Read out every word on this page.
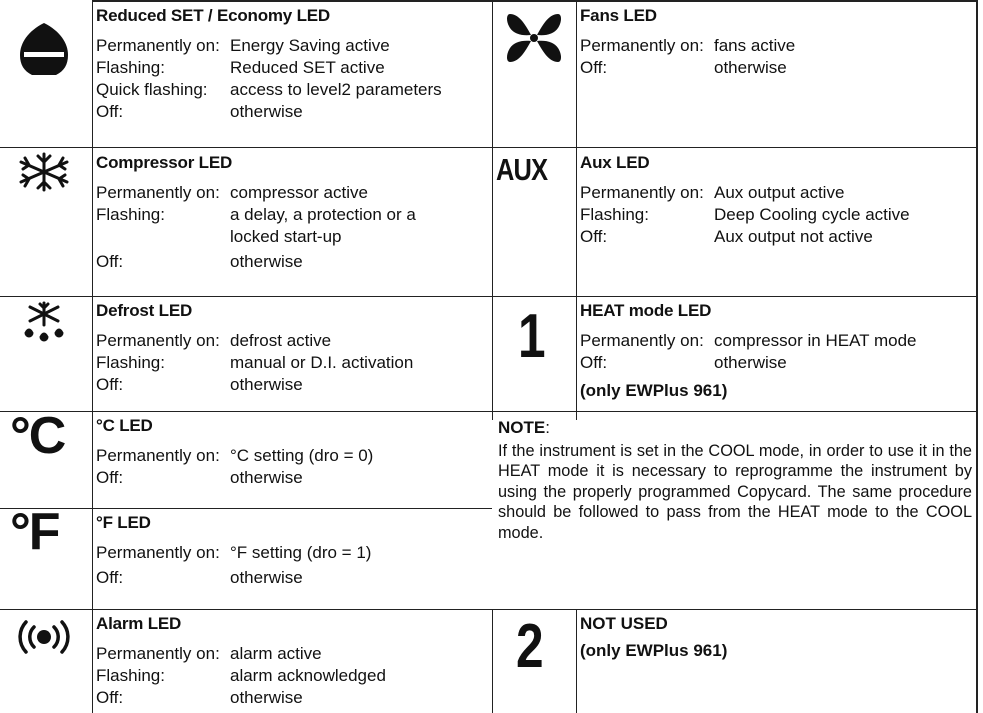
Reduced SET / Economy LED
Permanently on: Energy Saving active
Flashing:	Reduced SET active
Quick flashing: access to level2 parameters
Off:	otherwise
Compressor LED
Permanently on: compressor active
Flashing:	a delay, a protection or a
locked start-up
Off:	otherwise
Defrost LED
Permanently on: defrost active
Flashing:	manual or D.I. activation
Off:	otherwise
°C °C LED
Permanently on: °C setting (dro = 0)
Off:	otherwise
°F °F LED
Permanently on: °F setting (dro = 1)
Off:	otherwise
Alarm LED
Permanently on: alarm active
Flashing:	alarm acknowledged
Off:	otherwise
Fans LED
Permanently on: fans active
Off:	otherwise
AUX Aux LED
Permanently on: Aux output active
Flashing:	Deep Cooling cycle active
Off:	Aux output not active
1 HEAT mode LED
Permanently on: compressor in HEAT mode
Off:	otherwise
(only EWPlus 961)
NOTE:
If the instrument is set in the COOL mode, in order to use it in the HEAT mode it is necessary to reprogramme the instrument by using the properly programmed Copycard. The same procedure should be followed to pass from the HEAT mode to the COOL mode.
2 NOT USED
(only EWPlus 961)
